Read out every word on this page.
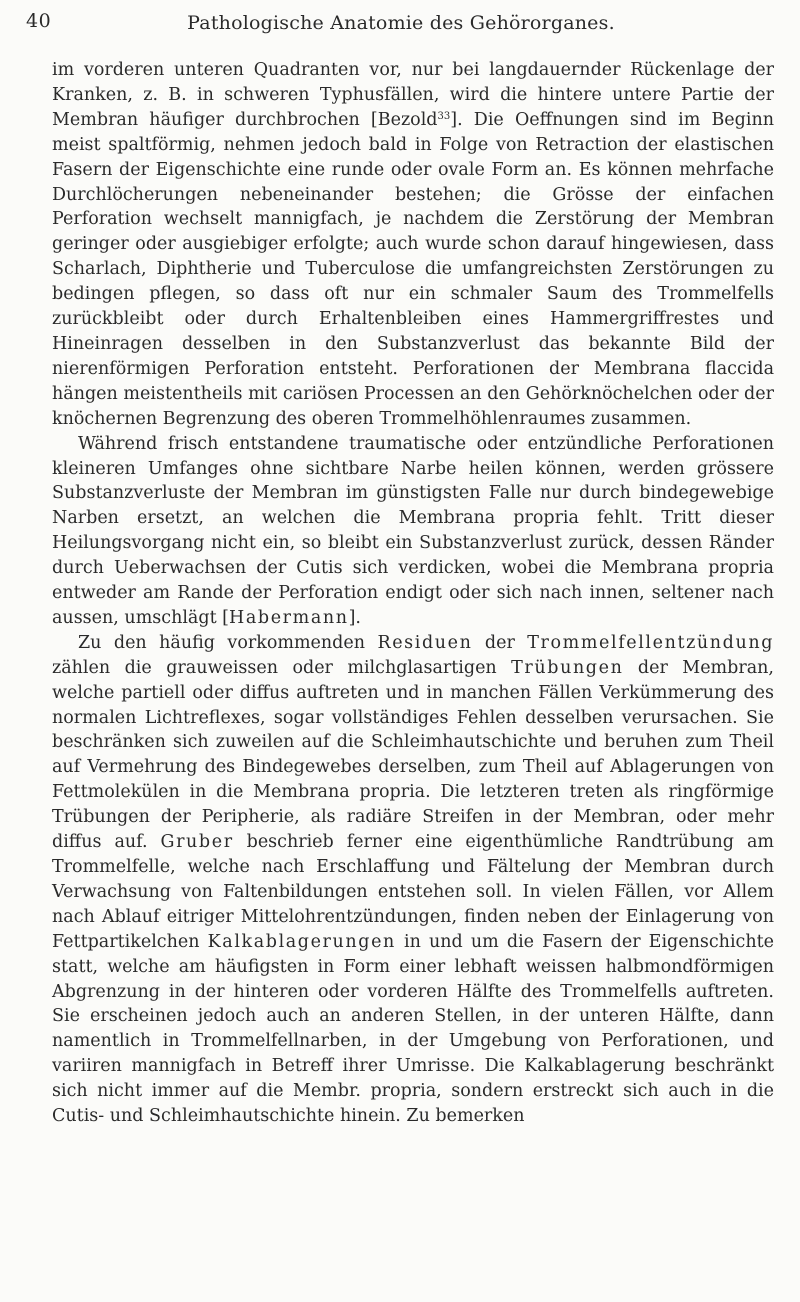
40	Pathologische Anatomie des Gehörorganes.

im vorderen unteren Quadranten vor, nur bei langdauernder Rückenlage der Kranken, z. B. in schweren Typhusfällen, wird die hintere untere Partie der Membran häufiger durchbrochen [Bezold$^{33}$]. Die Oeffnungen sind im Beginn meist spaltförmig, nehmen jedoch bald in Folge von Retraction der elastischen Fasern der Eigenschichte eine runde oder ovale Form an. Es können mehrfache Durchlöcherungen nebeneinander bestehen; die Grösse der einfachen Perforation wechselt mannigfach, je nachdem die Zerstörung der Membran geringer oder ausgiebiger erfolgte; auch wurde schon darauf hingewiesen, dass Scharlach, Diphtherie und Tuberculose die umfangreichsten Zerstörungen zu bedingen pflegen, so dass oft nur ein schmaler Saum des Trommelfells zurückbleibt oder durch Erhaltenbleiben eines Hammergriffrestes und Hineinragen desselben in den Substanzverlust das bekannte Bild der nierenförmigen Perforation entsteht. Perforationen der Membrana flaccida hängen meistentheils mit cariösen Processen an den Gehörknöchelchen oder der knöchernen Begrenzung des oberen Trommelhöhlenraumes zusammen.

Während frisch entstandene traumatische oder entzündliche Perforationen kleineren Umfanges ohne sichtbare Narbe heilen können, werden grössere Substanzverluste der Membran im günstigsten Falle nur durch bindegewebige Narben ersetzt, an welchen die Membrana propria fehlt. Tritt dieser Heilungsvorgang nicht ein, so bleibt ein Substanzverlust zurück, dessen Ränder durch Ueberwachsen der Cutis sich verdicken, wobei die Membrana propria entweder am Rande der Perforation endigt oder sich nach innen, seltener nach aussen, umschlägt [Habermann].

Zu den häufig vorkommenden Residuen der Trommelfellentzündung zählen die grauweissen oder milchglasartigen Trübungen der Membran, welche partiell oder diffus auftreten und in manchen Fällen Verkümmerung des normalen Lichtreflexes, sogar vollständiges Fehlen desselben verursachen. Sie beschränken sich zuweilen auf die Schleimhautschichte und beruhen zum Theil auf Vermehrung des Bindegewebes derselben, zum Theil auf Ablagerungen von Fettmolekülen in die Membrana propria. Die letzteren treten als ringförmige Trübungen der Peripherie, als radiäre Streifen in der Membran, oder mehr diffus auf. Gruber beschrieb ferner eine eigenthümliche Randtrübung am Trommelfelle, welche nach Erschlaffung und Fältelung der Membran durch Verwachsung von Faltenbildungen entstehen soll. In vielen Fällen, vor Allem nach Ablauf eitriger Mittelohrentzündungen, finden neben der Einlagerung von Fettpartikelchen Kalkablagerungen in und um die Fasern der Eigenschichte statt, welche am häufigsten in Form einer lebhaft weissen halbmondförmigen Abgrenzung in der hinteren oder vorderen Hälfte des Trommelfells auftreten. Sie erscheinen jedoch auch an anderen Stellen, in der unteren Hälfte, dann namentlich in Trommelfellnarben, in der Umgebung von Perforationen, und variiren mannigfach in Betreff ihrer Umrisse. Die Kalkablagerung beschränkt sich nicht immer auf die Membr. propria, sondern erstreckt sich auch in die Cutis- und Schleimhautschichte hinein. Zu bemerken
